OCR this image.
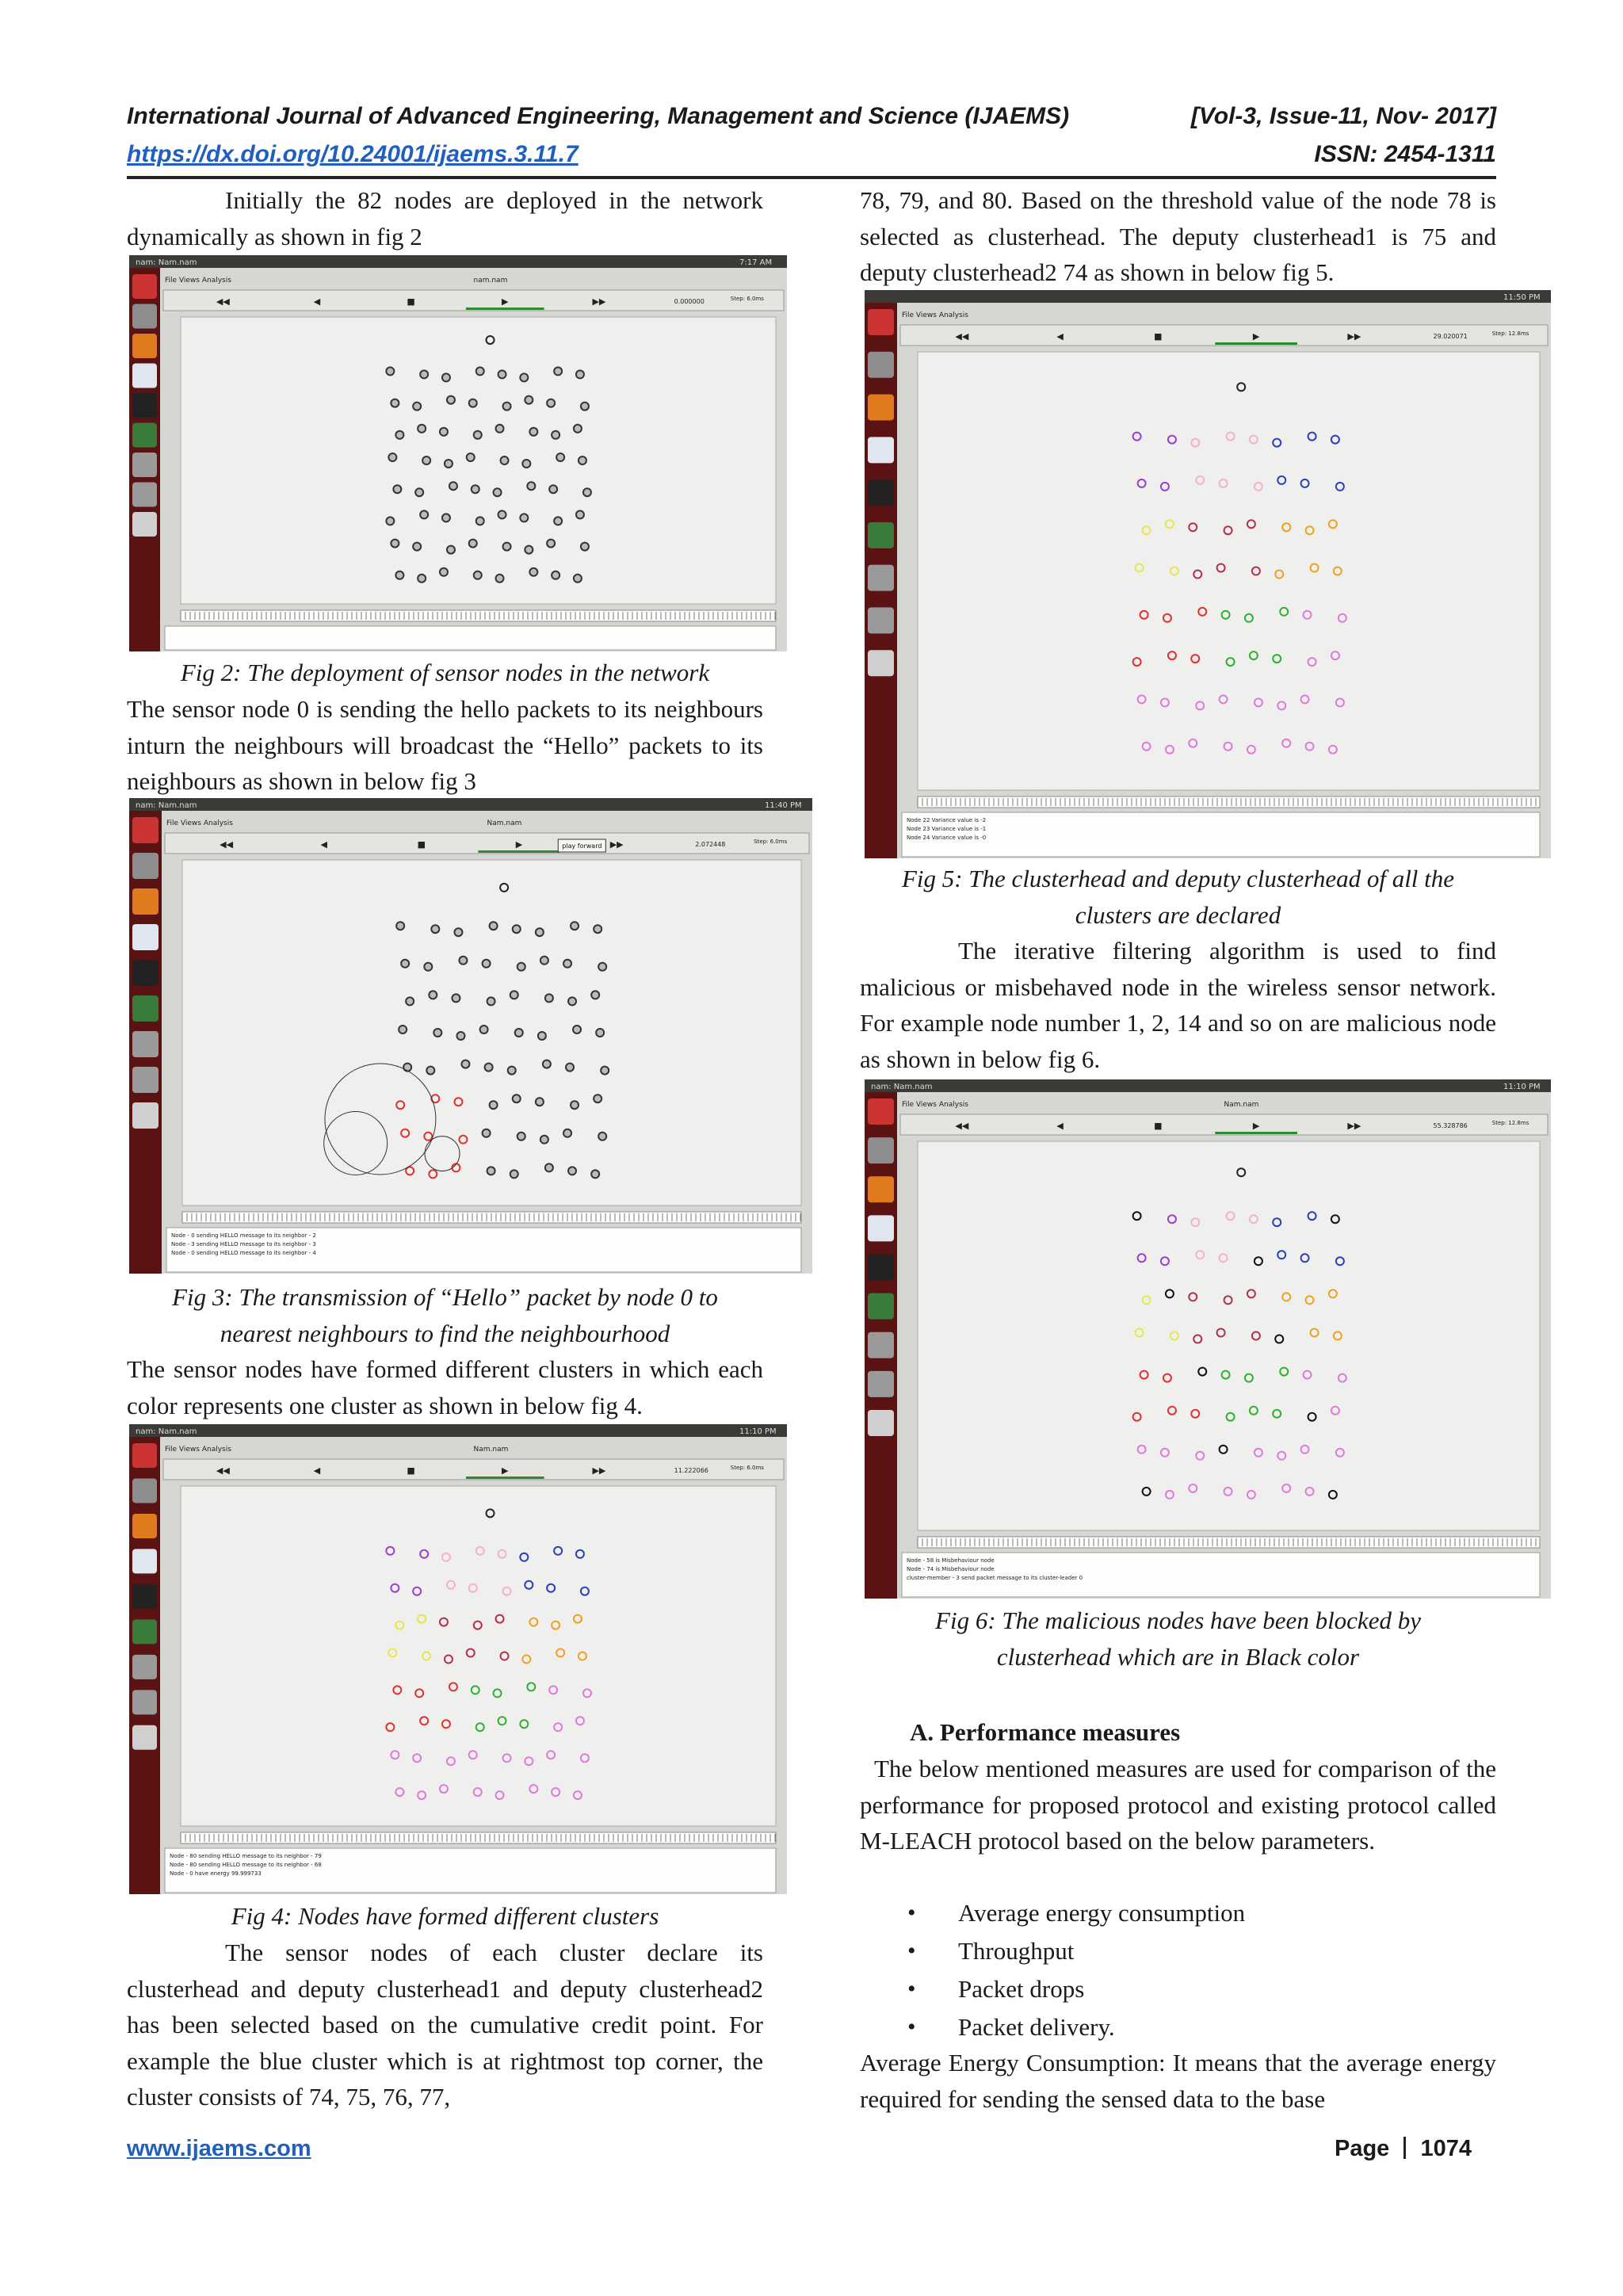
International Journal of Advanced Engineering, Management and Science (IJAEMS)	[Vol-3, Issue-11, Nov- 2017]
https://dx.doi.org/10.24001/ijaems.3.11.7	ISSN: 2454-1311

Initially the 82 nodes are deployed in the network dynamically as shown in fig 2

nam: Nam.nam	7:17 AM
File Views Analysis	nam.nam
◀◀	◀	■	▶	▶▶	0.000000	Step: 6.0ms
Fig 2: The deployment of sensor nodes in the network

The sensor node 0 is sending the hello packets to its neighbours inturn the neighbours will broadcast the “Hello” packets to its neighbours as shown in below fig 3

nam: Nam.nam	11:40 PM
File Views Analysis	Nam.nam
◀◀	◀	■	▶	▶▶	2.072448	Step: 6.0ms
play forward
Node - 0 sending HELLO message to its neighbor - 2
Node - 3 sending HELLO message to its neighbor - 3
Node - 0 sending HELLO message to its neighbor - 4
Fig 3: The transmission of “Hello” packet by node 0 to
nearest neighbours to find the neighbourhood

The sensor nodes have formed different clusters in which each color represents one cluster as shown in below fig 4.

nam: Nam.nam	11:10 PM
File Views Analysis	Nam.nam
◀◀	◀	■	▶	▶▶	11.222066	Step: 6.0ms
Node - 80 sending HELLO message to its neighbor - 79
Node - 80 sending HELLO message to its neighbor - 68
Node - 0 have energy 99.999733
Fig 4: Nodes have formed different clusters

The sensor nodes of each cluster declare its clusterhead and deputy clusterhead1 and deputy clusterhead2 has been selected based on the cumulative credit point. For example the blue cluster which is at rightmost top corner, the cluster consists of 74, 75, 76, 77,

78, 79, and 80. Based on the threshold value of the node 78 is selected as clusterhead. The deputy clusterhead1 is 75 and deputy clusterhead2 74 as shown in below fig 5.

11:50 PM
File Views Analysis
◀◀	◀	■	▶	▶▶	29.020071	Step: 12.8ms
Node 22 Variance value is -2
Node 23 Variance value is -1
Node 24 Variance value is -0
Fig 5: The clusterhead and deputy clusterhead of all the
clusters are declared

The iterative filtering algorithm is used to find malicious or misbehaved node in the wireless sensor network. For example node number 1, 2, 14 and so on are malicious node as shown in below fig 6.

nam: Nam.nam	11:10 PM
File Views Analysis	Nam.nam
◀◀	◀	■	▶	▶▶	55.328786	Step: 12.8ms
Node - 58 is Misbehaviour node
Node - 74 is Misbehaviour node
cluster-member - 3 send packet message to its cluster-leader 0
Fig 6: The malicious nodes have been blocked by
clusterhead which are in Black color
A. Performance measures

The below mentioned measures are used for comparison of the performance for proposed protocol and existing protocol called M-LEACH protocol based on the below parameters.

• Average energy consumption
• Throughput
• Packet drops
• Packet delivery.

Average Energy Consumption: It means that the average energy required for sending the sensed data to the base

www.ijaems.com	Page 1074
